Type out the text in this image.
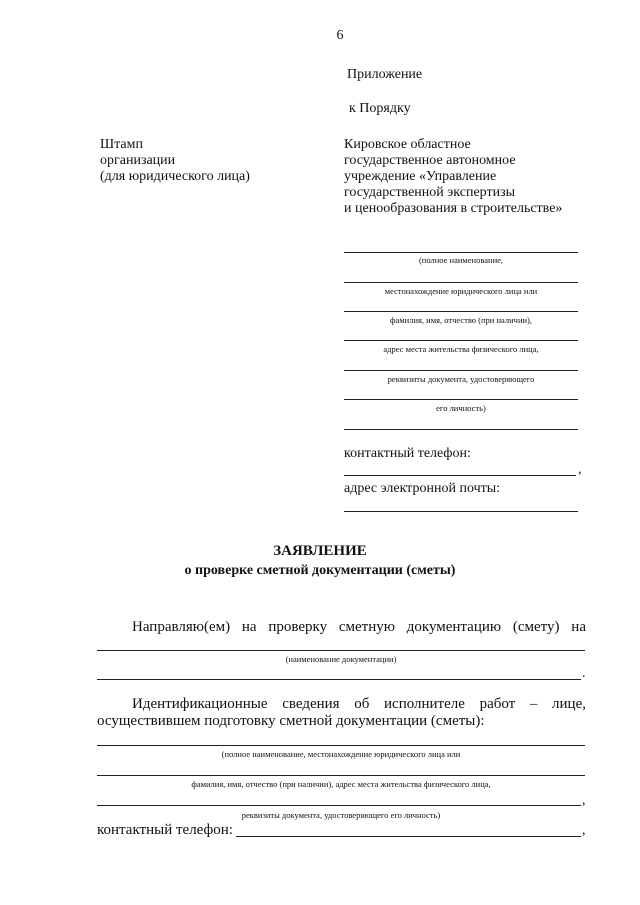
6
Приложение
к Порядку
Штамп
организации
(для юридического лица)
Кировское областное
государственное автономное
учреждение «Управление
государственной экспертизы
и ценообразования в строительстве»
(полное наименование,
местонахождение юридического лица или
фамилия, имя, отчество (при наличии),
адрес места жительства физического лица,
реквизиты документа, удостоверяющего
его личность)
контактный телефон:
,
адрес электронной почты:
ЗАЯВЛЕНИЕ
о проверке сметной документации (сметы)
Направляю(ем) на проверку сметную документацию (смету) на
(наименование документации)
.
Идентификационные сведения об исполнителе работ – лице,
осуществившем подготовку сметной документации (сметы):
(полное наименование, местонахождение юридического лица или
фамилия, имя, отчество (при наличии), адрес места жительства физического лица,
,
реквизиты документа, удостоверяющего его личность)
контактный телефон:	,
